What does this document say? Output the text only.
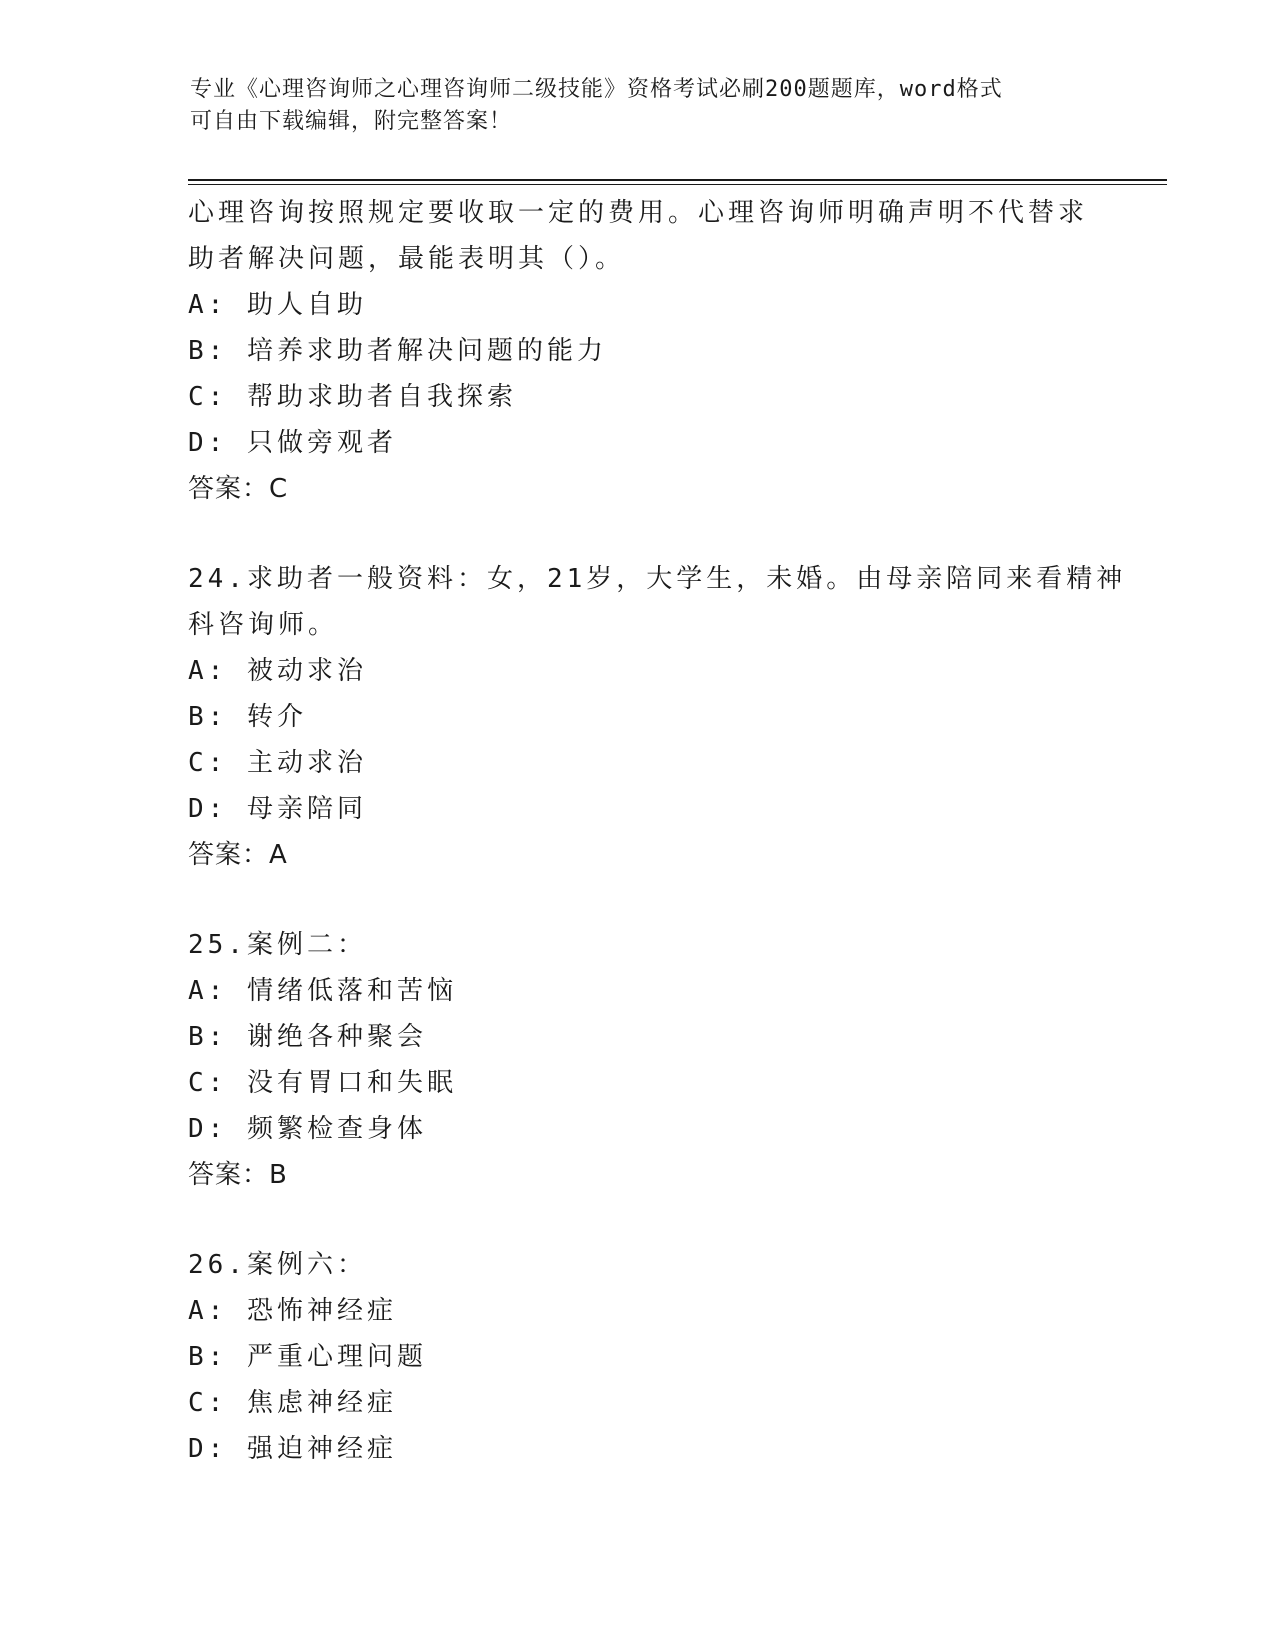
专业《心理咨询师之心理咨询师二级技能》资格考试必刷200题题库，word格式
可自由下载编辑，附完整答案！

心理咨询按照规定要收取一定的费用。心理咨询师明确声明不代替求

助者解决问题，最能表明其（）。

A: 助人自助

B: 培养求助者解决问题的能力

C: 帮助求助者自我探索

D: 只做旁观者

答案：C

24.求助者一般资料：女，21岁，大学生，未婚。由母亲陪同来看精神

科咨询师。

A: 被动求治

B: 转介

C: 主动求治

D: 母亲陪同

答案：A

25.案例二：

A: 情绪低落和苦恼

B: 谢绝各种聚会

C: 没有胃口和失眠

D: 频繁检查身体

答案：B

26.案例六：

A: 恐怖神经症

B: 严重心理问题

C: 焦虑神经症

D: 强迫神经症
